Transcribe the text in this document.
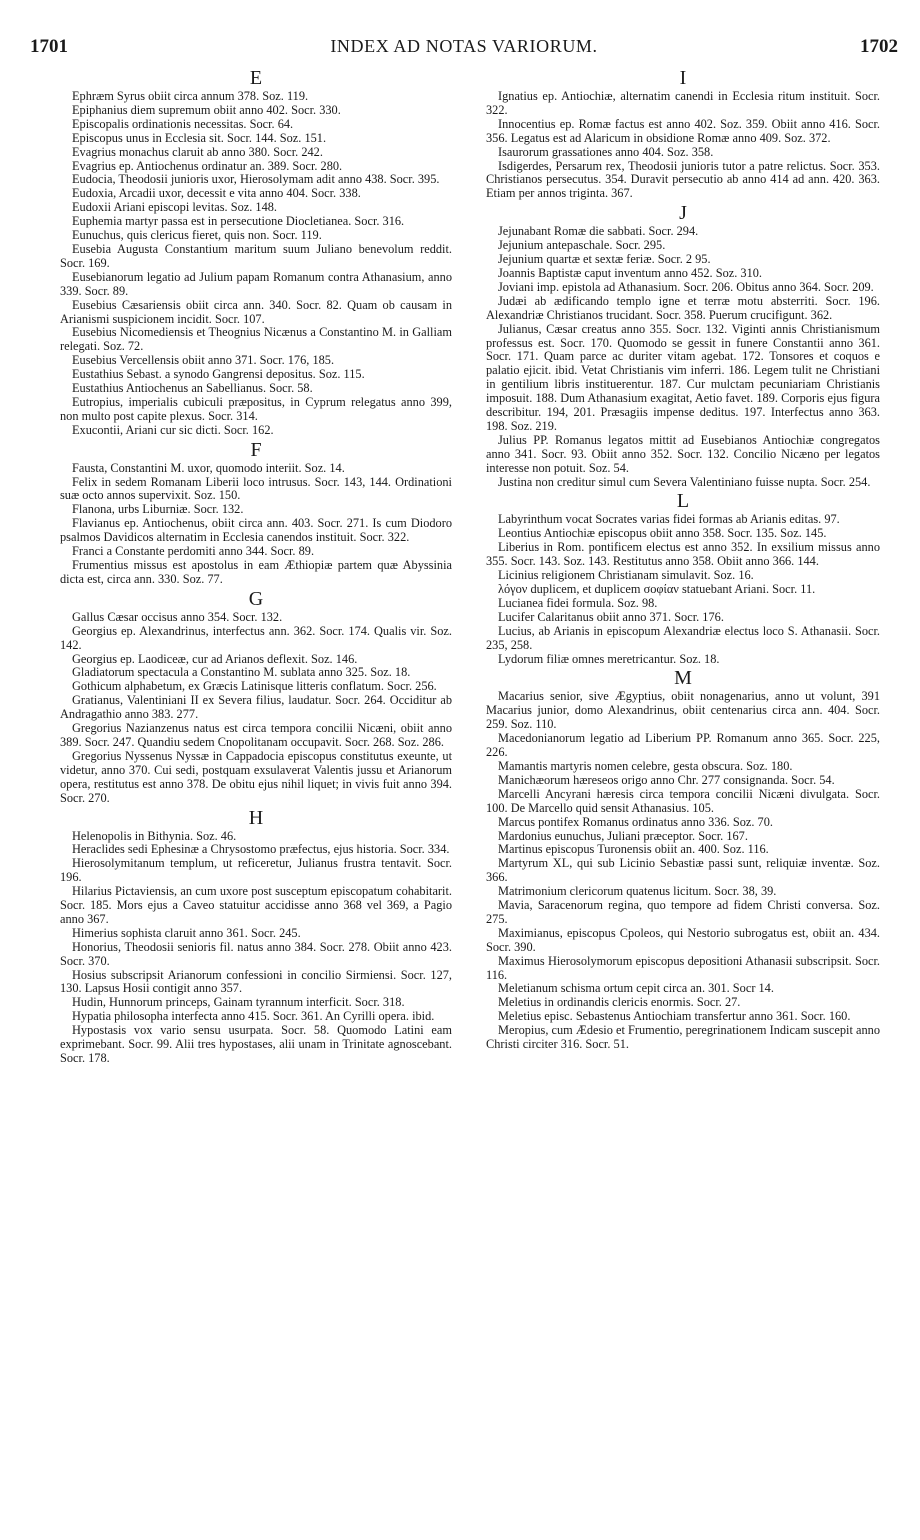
1701	INDEX AD NOTAS VARIORUM.	1702
E

Ephræm Syrus obiit circa annum 378. Soz. 119.

Epiphanius diem supremum obiit anno 402. Socr. 330.

Episcopalis ordinationis necessitas. Socr. 64.

Episcopus unus in Ecclesia sit. Socr. 144. Soz. 151.

Evagrius monachus claruit ab anno 380. Socr. 242.

Evagrius ep. Antiochenus ordinatur an. 389. Socr. 280.

Eudocia, Theodosii junioris uxor, Hierosolymam adit anno 438. Socr. 395.

Eudoxia, Arcadii uxor, decessit e vita anno 404. Socr. 338.

Eudoxii Ariani episcopi levitas. Soz. 148.

Euphemia martyr passa est in persecutione Diocletianea. Socr. 316.

Eunuchus, quis clericus fieret, quis non. Socr. 119.

Eusebia Augusta Constantium maritum suum Juliano benevolum reddit. Socr. 169.

Eusebianorum legatio ad Julium papam Romanum contra Athanasium, anno 339. Socr. 89.

Eusebius Cæsariensis obiit circa ann. 340. Socr. 82. Quam ob causam in Arianismi suspicionem incidit. Socr. 107.

Eusebius Nicomediensis et Theognius Nicænus a Constantino M. in Galliam relegati. Soz. 72.

Eusebius Vercellensis obiit anno 371. Socr. 176, 185.

Eustathius Sebast. a synodo Gangrensi depositus. Soz. 115.

Eustathius Antiochenus an Sabellianus. Socr. 58.

Eutropius, imperialis cubiculi præpositus, in Cyprum relegatus anno 399, non multo post capite plexus. Socr. 314.

Exucontii, Ariani cur sic dicti. Socr. 162.

F

Fausta, Constantini M. uxor, quomodo interiit. Soz. 14.

Felix in sedem Romanam Liberii loco intrusus. Socr. 143, 144. Ordinationi suæ octo annos supervixit. Soz. 150.

Flanona, urbs Liburniæ. Socr. 132.

Flavianus ep. Antiochenus, obiit circa ann. 403. Socr. 271. Is cum Diodoro psalmos Davidicos alternatim in Ecclesia canendos instituit. Socr. 322.

Franci a Constante perdomiti anno 344. Socr. 89.

Frumentius missus est apostolus in eam Æthiopiæ partem quæ Abyssinia dicta est, circa ann. 330. Soz. 77.

G

Gallus Cæsar occisus anno 354. Socr. 132.

Georgius ep. Alexandrinus, interfectus ann. 362. Socr. 174. Qualis vir. Soz. 142.

Georgius ep. Laodiceæ, cur ad Arianos deflexit. Soz. 146.

Gladiatorum spectacula a Constantino M. sublata anno 325. Soz. 18.

Gothicum alphabetum, ex Græcis Latinisque litteris conflatum. Socr. 256.

Gratianus, Valentiniani II ex Severa filius, laudatur. Socr. 264. Occiditur ab Andragathio anno 383. 277.

Gregorius Nazianzenus natus est circa tempora concilii Nicæni, obiit anno 389. Socr. 247. Quandiu sedem Cnopolitanam occupavit. Socr. 268. Soz. 286.

Gregorius Nyssenus Nyssæ in Cappadocia episcopus constitutus exeunte, ut videtur, anno 370. Cui sedi, postquam exsulaverat Valentis jussu et Arianorum opera, restitutus est anno 378. De obitu ejus nihil liquet; in vivis fuit anno 394. Socr. 270.

H

Helenopolis in Bithynia. Soz. 46.

Heraclides sedi Ephesinæ a Chrysostomo præfectus, ejus historia. Socr. 334.

Hierosolymitanum templum, ut reficeretur, Julianus frustra tentavit. Socr. 196.

Hilarius Pictaviensis, an cum uxore post susceptum episcopatum cohabitarit. Socr. 185. Mors ejus a Caveo statuitur accidisse anno 368 vel 369, a Pagio anno 367.

Himerius sophista claruit anno 361. Socr. 245.

Honorius, Theodosii senioris fil. natus anno 384. Socr. 278. Obiit anno 423. Socr. 370.

Hosius subscripsit Arianorum confessioni in concilio Sirmiensi. Socr. 127, 130. Lapsus Hosii contigit anno 357.

Hudin, Hunnorum princeps, Gainam tyrannum interficit. Socr. 318.

Hypatia philosopha interfecta anno 415. Socr. 361. An Cyrilli opera. ibid.

Hypostasis vox vario sensu usurpata. Socr. 58. Quomodo Latini eam exprimebant. Socr. 99. Alii tres hypostases, alii unam in Trinitate agnoscebant. Socr. 178.

I

Ignatius ep. Antiochiæ, alternatim canendi in Ecclesia ritum instituit. Socr. 322.

Innocentius ep. Romæ factus est anno 402. Soz. 359. Obiit anno 416. Socr. 356. Legatus est ad Alaricum in obsidione Romæ anno 409. Soz. 372.

Isaurorum grassationes anno 404. Soz. 358.

Isdigerdes, Persarum rex, Theodosii junioris tutor a patre relictus. Socr. 353. Christianos persecutus. 354. Duravit persecutio ab anno 414 ad ann. 420. 363. Etiam per annos triginta. 367.

J

Jejunabant Romæ die sabbati. Socr. 294.

Jejunium antepaschale. Socr. 295.

Jejunium quartæ et sextæ feriæ. Socr. 2 95.

Joannis Baptistæ caput inventum anno 452. Soz. 310.

Joviani imp. epistola ad Athanasium. Socr. 206. Obitus anno 364. Socr. 209.

Judæi ab ædificando templo igne et terræ motu absterriti. Socr. 196. Alexandriæ Christianos trucidant. Socr. 358. Puerum crucifigunt. 362.

Julianus, Cæsar creatus anno 355. Socr. 132. Viginti annis Christianismum professus est. Socr. 170. Quomodo se gessit in funere Constantii anno 361. Socr. 171. Quam parce ac duriter vitam agebat. 172. Tonsores et coquos e palatio ejicit. ibid. Vetat Christianis vim inferri. 186. Legem tulit ne Christiani in gentilium libris instituerentur. 187. Cur mulctam pecuniariam Christianis imposuit. 188. Dum Athanasium exagitat, Aetio favet. 189. Corporis ejus figura describitur. 194, 201. Præsagiis impense deditus. 197. Interfectus anno 363. 198. Soz. 219.

Julius PP. Romanus legatos mittit ad Eusebianos Antiochiæ congregatos anno 341. Socr. 93. Obiit anno 352. Socr. 132. Concilio Nicæno per legatos interesse non potuit. Soz. 54.

Justina non creditur simul cum Severa Valentiniano fuisse nupta. Socr. 254.

L

Labyrinthum vocat Socrates varias fidei formas ab Arianis editas. 97.

Leontius Antiochiæ episcopus obiit anno 358. Socr. 135. Soz. 145.

Liberius in Rom. pontificem electus est anno 352. In exsilium missus anno 355. Socr. 143. Soz. 143. Restitutus anno 358. Obiit anno 366. 144.

Licinius religionem Christianam simulavit. Soz. 16.

λόγον duplicem, et duplicem σοφίαν statuebant Ariani. Socr. 11.

Lucianea fidei formula. Soz. 98.

Lucifer Calaritanus obiit anno 371. Socr. 176.

Lucius, ab Arianis in episcopum Alexandriæ electus loco S. Athanasii. Socr. 235, 258.

Lydorum filiæ omnes meretricantur. Soz. 18.

M

Macarius senior, sive Ægyptius, obiit nonagenarius, anno ut volunt, 391 Macarius junior, domo Alexandrinus, obiit centenarius circa ann. 404. Socr. 259. Soz. 110.

Macedonianorum legatio ad Liberium PP. Romanum anno 365. Socr. 225, 226.

Mamantis martyris nomen celebre, gesta obscura. Soz. 180.

Manichæorum hæreseos origo anno Chr. 277 consignanda. Socr. 54.

Marcelli Ancyrani hæresis circa tempora concilii Nicæni divulgata. Socr. 100. De Marcello quid sensit Athanasius. 105.

Marcus pontifex Romanus ordinatus anno 336. Soz. 70.

Mardonius eunuchus, Juliani præceptor. Socr. 167.

Martinus episcopus Turonensis obiit an. 400. Soz. 116.

Martyrum XL, qui sub Licinio Sebastiæ passi sunt, reliquiæ inventæ. Soz. 366.

Matrimonium clericorum quatenus licitum. Socr. 38, 39.

Mavia, Saracenorum regina, quo tempore ad fidem Christi conversa. Soz. 275.

Maximianus, episcopus Cpoleos, qui Nestorio subrogatus est, obiit an. 434. Socr. 390.

Maximus Hierosolymorum episcopus depositioni Athanasii subscripsit. Socr. 116.

Meletianum schisma ortum cepit circa an. 301. Socr 14.

Meletius in ordinandis clericis enormis. Socr. 27.

Meletius episc. Sebastenus Antiochiam transfertur anno 361. Socr. 160.

Meropius, cum Ædesio et Frumentio, peregrinationem Indicam suscepit anno Christi circiter 316. Socr. 51.
